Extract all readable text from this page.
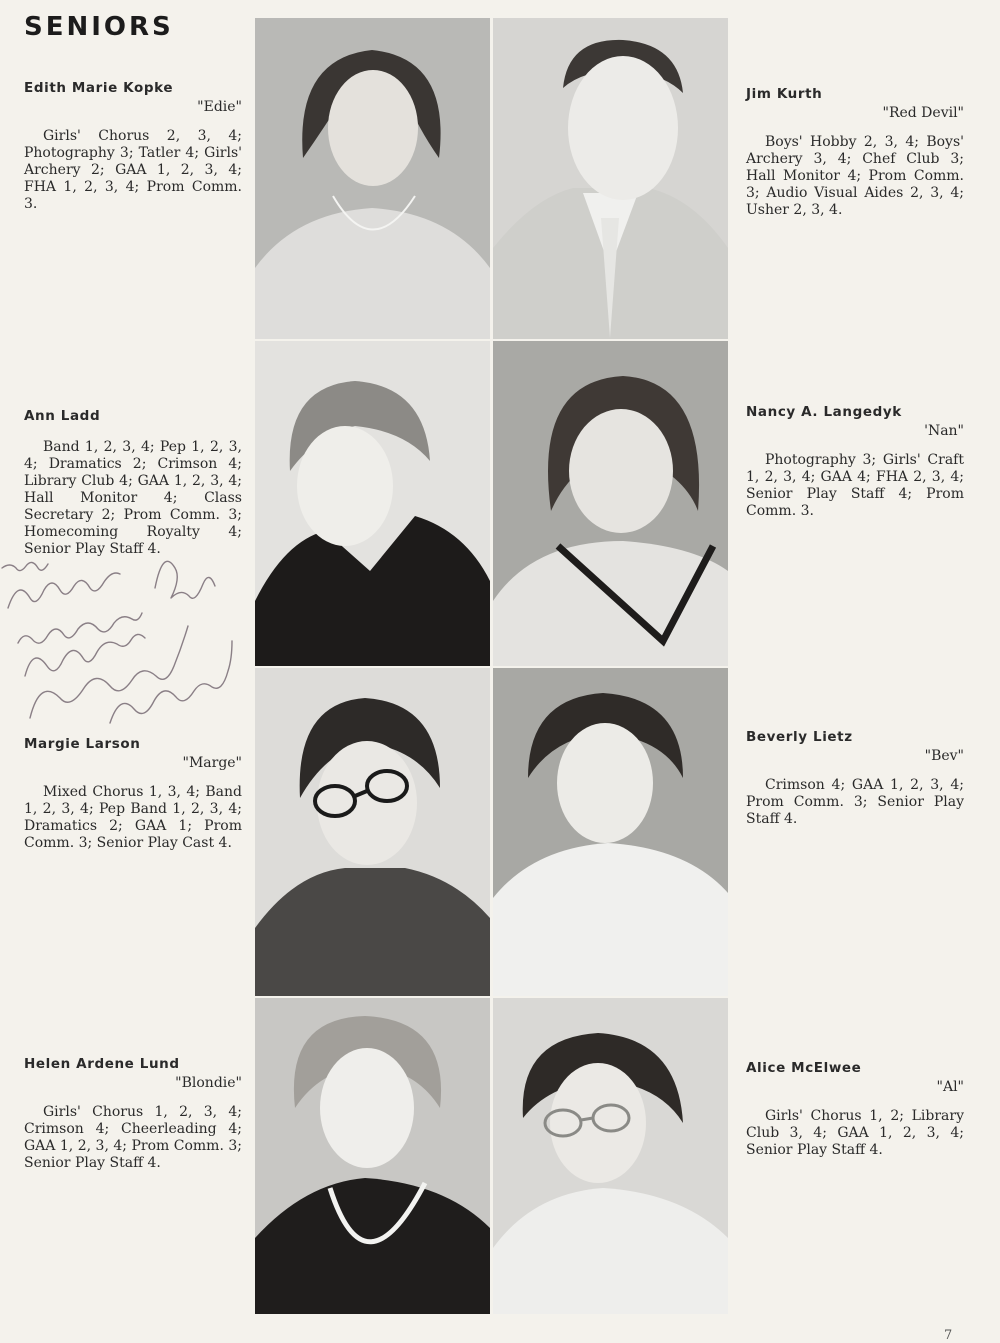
SENIORS
Edith Marie Kopke
"Edie"
Girls' Chorus 2, 3, 4; Photography 3; Tatler 4; Girls' Archery 2; GAA 1, 2, 3, 4; FHA 1, 2, 3, 4; Prom Comm. 3.
Ann Ladd
Band 1, 2, 3, 4; Pep 1, 2, 3, 4; Dramatics 2; Crimson 4; Library Club 4; GAA 1, 2, 3, 4; Hall Monitor 4; Class Secretary 2; Prom Comm. 3; Homecoming Royalty 4; Senior Play Staff 4.
Margie Larson
"Marge"
Mixed Chorus 1, 3, 4; Band 1, 2, 3, 4; Pep Band 1, 2, 3, 4; Dramatics 2; GAA 1; Prom Comm. 3; Senior Play Cast 4.
Helen Ardene Lund
"Blondie"
Girls' Chorus 1, 2, 3, 4; Crimson 4; Cheerleading 4; GAA 1, 2, 3, 4; Prom Comm. 3; Senior Play Staff 4.
Jim Kurth
"Red Devil"
Boys' Hobby 2, 3, 4; Boys' Archery 3, 4; Chef Club 3; Hall Monitor 4; Prom Comm. 3; Audio Visual Aides 2, 3, 4; Usher 2, 3, 4.
Nancy A. Langedyk
'Nan"
Photography 3; Girls' Craft 1, 2, 3, 4; GAA 4; FHA 2, 3, 4; Senior Play Staff 4; Prom Comm. 3.
Beverly Lietz
"Bev"
Crimson 4; GAA 1, 2, 3, 4; Prom Comm. 3; Senior Play Staff 4.
Alice McElwee
"Al"
Girls' Chorus 1, 2; Library Club 3, 4; GAA 1, 2, 3, 4; Senior Play Staff 4.
7
